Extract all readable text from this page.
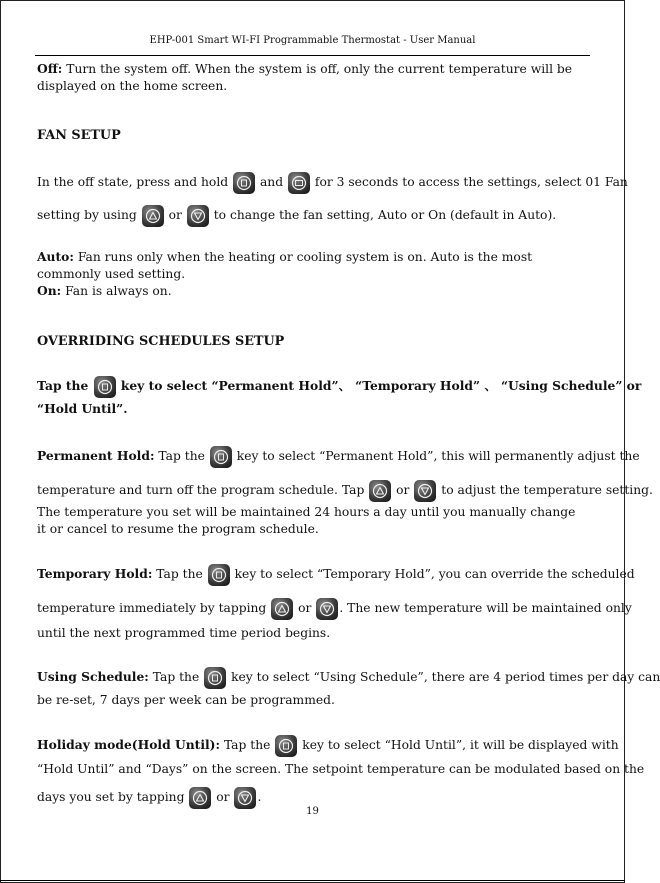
EHP-001 Smart WI-FI Programmable Thermostat - User Manual
Off: Turn the system off. When the system is off, only the current temperature will be displayed on the home screen.
FAN SETUP
In the off state, press and hold
and
for 3 seconds to access the settings, select 01 Fan
setting by using
or
to change the fan setting, Auto or On (default in Auto).
Auto: Fan runs only when the heating or cooling system is on. Auto is the most commonly used setting.
On: Fan is always on.
OVERRIDING SCHEDULES SETUP
Tap the
key to select “Permanent Hold”、 “Temporary Hold” 、 “Using Schedule” or
“Hold Until”.
Permanent Hold: Tap the
key to select “Permanent Hold”, this will permanently adjust the
temperature and turn off the program schedule. Tap
or
to adjust the temperature setting.
The temperature you set will be maintained 24 hours a day until you manually change it or cancel to resume the program schedule.
Temporary Hold: Tap the
key to select “Temporary Hold”, you can override the scheduled
temperature immediately by tapping
or
. The new temperature will be maintained only
until the next programmed time period begins.
Using Schedule: Tap the
key to select “Using Schedule”, there are 4 period times per day can
be re-set, 7 days per week can be programmed.
Holiday mode(Hold Until): Tap the
key to select “Hold Until”, it will be displayed with
“Hold Until” and “Days” on the screen. The setpoint temperature can be modulated based on the
days you set by tapping
or
.
19
